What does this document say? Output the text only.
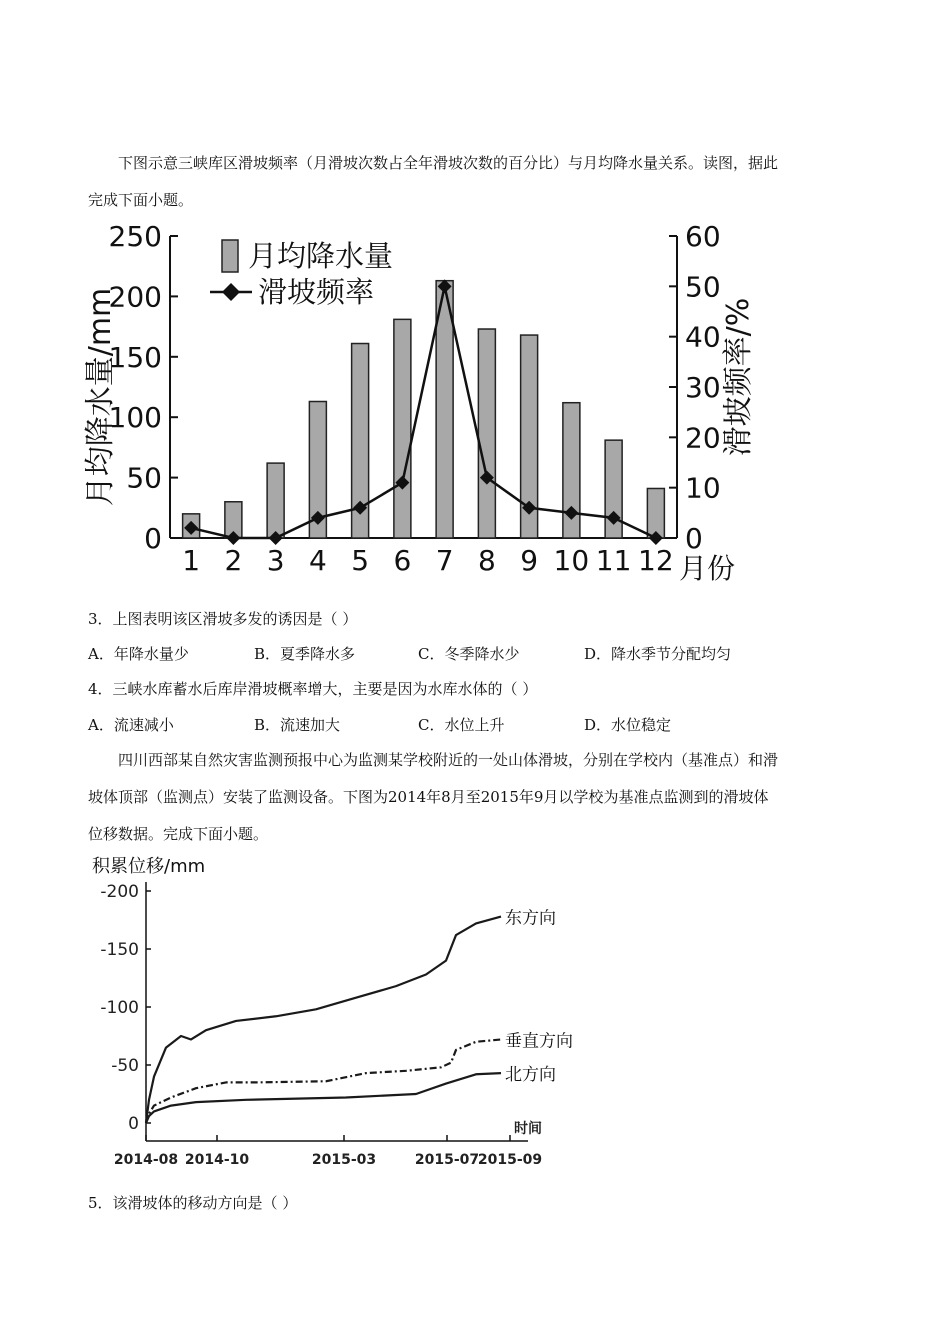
下图示意三峡库区滑坡频率（月滑坡次数占全年滑坡次数的百分比）与月均降水量关系。读图，据此
完成下面小题。
0
50
100
150
200
250
0
10
20
30
40
50
60
1 2 3 4 5 6 7 8 9 10 11 12 月份
月均降水量/mm	滑坡频率/%
月均降水量
滑坡频率
3．上图表明该区滑坡多发的诱因是（ ）
A．年降水量少	B．夏季降水多	C．冬季降水少	D．降水季节分配均匀
4．三峡水库蓄水后库岸滑坡概率增大，主要是因为水库水体的（ ）
A．流速减小	B．流速加大	C．水位上升	D．水位稳定
四川西部某自然灾害监测预报中心为监测某学校附近的一处山体滑坡，分别在学校内（基准点）和滑
坡体顶部（监测点）安装了监测设备。下图为2014年8月至2015年9月以学校为基准点监测到的滑坡体
位移数据。完成下面小题。
积累位移/mm
0
-50
-100
-150
-200
2014-08 2014-10	2015-03	2015-07
2015-09
时间
东方向
垂直方向
北方向
5．该滑坡体的移动方向是（ ）
